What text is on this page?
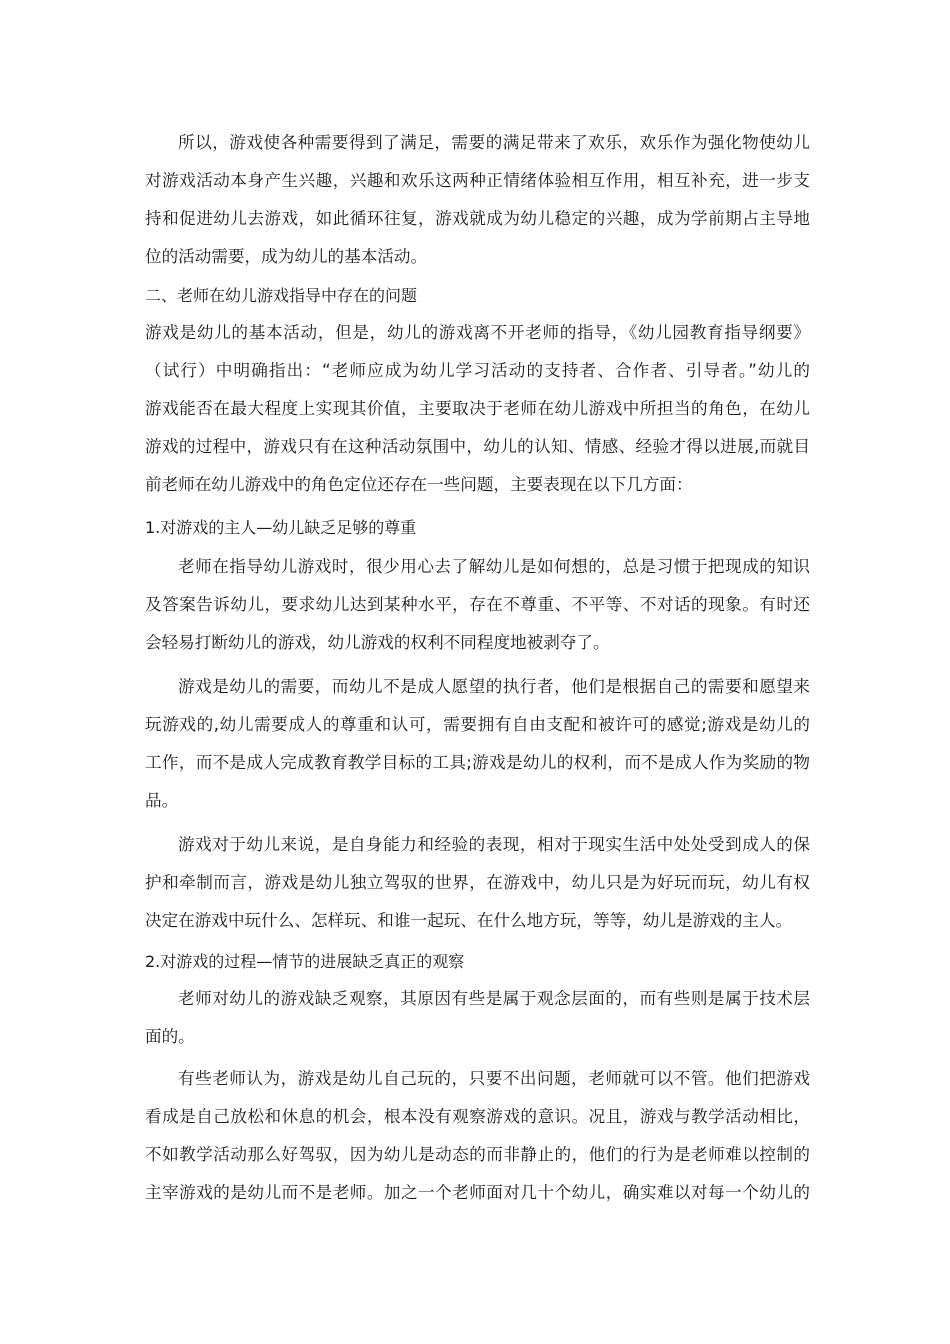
所以，游戏使各种需要得到了满足，需要的满足带来了欢乐，欢乐作为强化物使幼儿
对游戏活动本身产生兴趣，兴趣和欢乐这两种正情绪体验相互作用，相互补充，进一步支
持和促进幼儿去游戏，如此循环往复，游戏就成为幼儿稳定的兴趣，成为学前期占主导地
位的活动需要，成为幼儿的基本活动。
二、老师在幼儿游戏指导中存在的问题
游戏是幼儿的基本活动，但是，幼儿的游戏离不开老师的指导，《幼儿园教育指导纲要》
（试行）中明确指出：“老师应成为幼儿学习活动的支持者、合作者、引导者。”幼儿的
游戏能否在最大程度上实现其价值，主要取决于老师在幼儿游戏中所担当的角色，在幼儿
游戏的过程中，游戏只有在这种活动氛围中，幼儿的认知、情感、经验才得以进展,而就目
前老师在幼儿游戏中的角色定位还存在一些问题，主要表现在以下几方面：
1.对游戏的主人—幼儿缺乏足够的尊重
老师在指导幼儿游戏时，很少用心去了解幼儿是如何想的，总是习惯于把现成的知识
及答案告诉幼儿，要求幼儿达到某种水平，存在不尊重、不平等、不对话的现象。有时还
会轻易打断幼儿的游戏，幼儿游戏的权利不同程度地被剥夺了。
游戏是幼儿的需要，而幼儿不是成人愿望的执行者，他们是根据自己的需要和愿望来
玩游戏的,幼儿需要成人的尊重和认可，需要拥有自由支配和被许可的感觉;游戏是幼儿的
工作，而不是成人完成教育教学目标的工具;游戏是幼儿的权利，而不是成人作为奖励的物
品。
游戏对于幼儿来说，是自身能力和经验的表现，相对于现实生活中处处受到成人的保
护和牵制而言，游戏是幼儿独立驾驭的世界，在游戏中，幼儿只是为好玩而玩，幼儿有权
决定在游戏中玩什么、怎样玩、和谁一起玩、在什么地方玩，等等，幼儿是游戏的主人。
2.对游戏的过程—情节的进展缺乏真正的观察
老师对幼儿的游戏缺乏观察，其原因有些是属于观念层面的，而有些则是属于技术层
面的。
有些老师认为，游戏是幼儿自己玩的，只要不出问题，老师就可以不管。他们把游戏
看成是自己放松和休息的机会，根本没有观察游戏的意识。况且，游戏与教学活动相比，
不如教学活动那么好驾驭，因为幼儿是动态的而非静止的，他们的行为是老师难以控制的
主宰游戏的是幼儿而不是老师。加之一个老师面对几十个幼儿，确实难以对每一个幼儿的
